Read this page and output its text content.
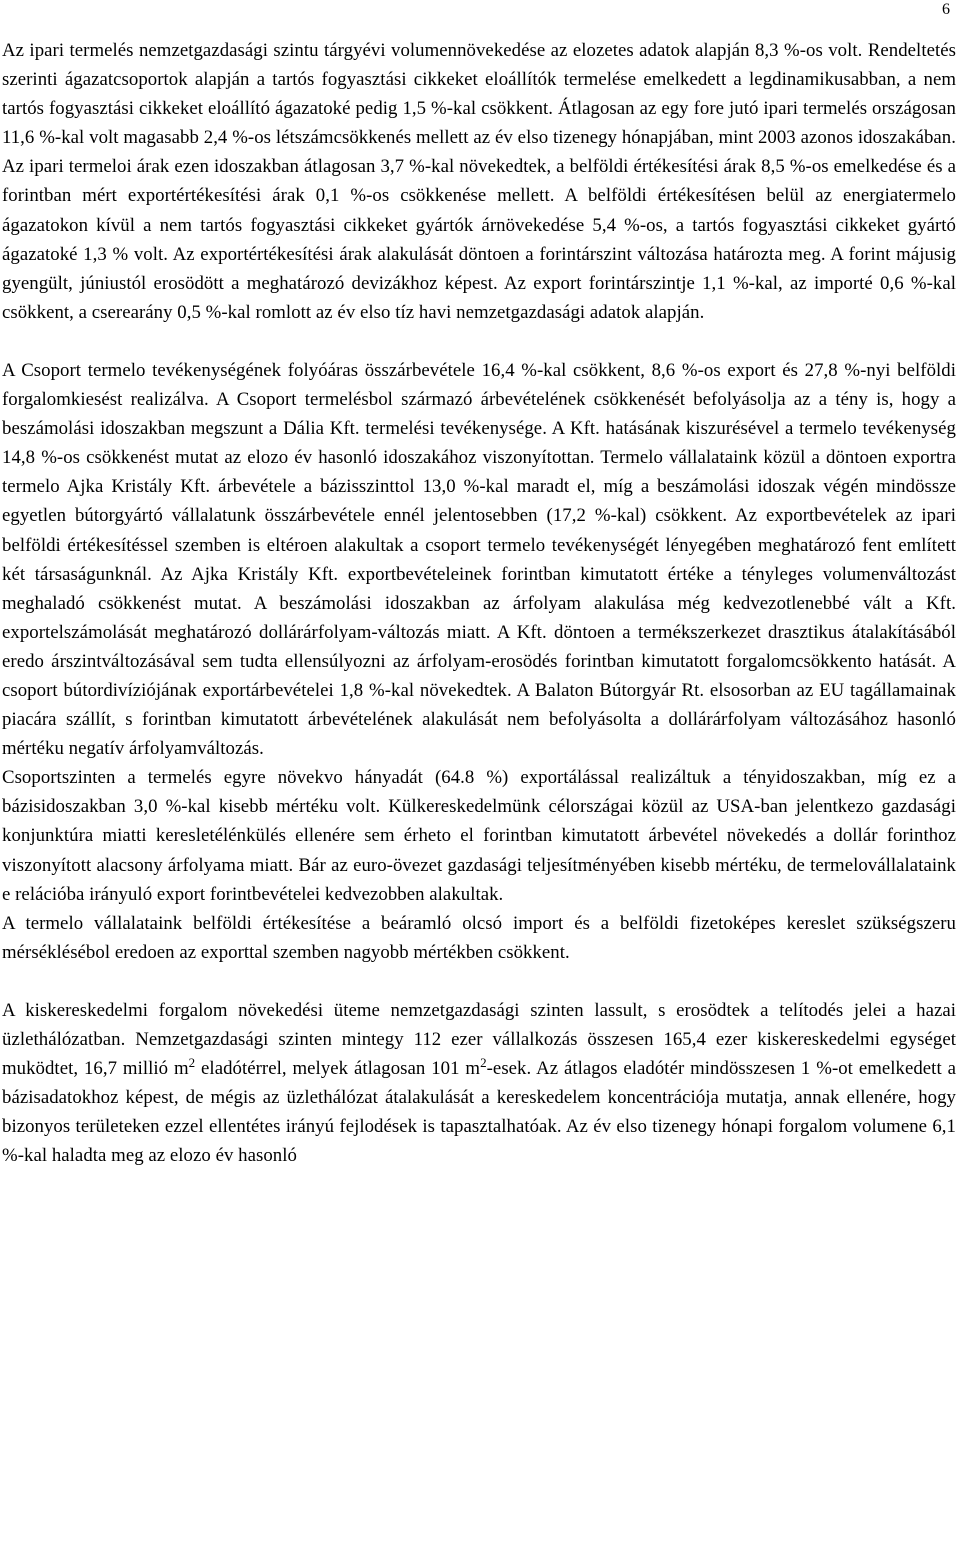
6

Az ipari termelés nemzetgazdasági szintu tárgyévi volumennövekedése az elozetes adatok alapján 8,3 %-os volt. Rendeltetés szerinti ágazatcsoportok alapján a tartós fogyasztási cikkeket eloállítók termelése emelkedett a legdinamikusabban, a nem tartós fogyasztási cikkeket eloállító ágazatoké pedig 1,5 %-kal csökkent. Átlagosan az egy fore jutó ipari termelés országosan 11,6 %-kal volt magasabb 2,4 %-os létszámcsökkenés mellett az év elso tizenegy hónapjában, mint 2003 azonos idoszakában. Az ipari termeloi árak ezen idoszakban átlagosan 3,7 %-kal növekedtek, a belföldi értékesítési árak 8,5 %-os emelkedése és a forintban mért exportértékesítési árak 0,1 %-os csökkenése mellett. A belföldi értékesítésen belül az energiatermelo ágazatokon kívül a nem tartós fogyasztási cikkeket gyártók árnövekedése 5,4 %-os, a tartós fogyasztási cikkeket gyártó ágazatoké 1,3 % volt. Az exportértékesítési árak alakulását döntoen a forintárszint változása határozta meg. A forint májusig gyengült, júniustól erosödött a meghatározó devizákhoz képest. Az export forintárszintje 1,1 %-kal, az importé 0,6 %-kal csökkent, a cserearány 0,5 %-kal romlott az év elso tíz havi nemzetgazdasági adatok alapján.

A Csoport termelo tevékenységének folyóáras összárbevétele 16,4 %-kal csökkent, 8,6 %-os export és 27,8 %-nyi belföldi forgalomkiesést realizálva. A Csoport termelésbol származó árbevételének csökkenését befolyásolja az a tény is, hogy a beszámolási idoszakban megszunt a Dália Kft. termelési tevékenysége. A Kft. hatásának kiszurésével a termelo tevékenység 14,8 %-os csökkenést mutat az elozo év hasonló idoszakához viszonyítottan. Termelo vállalataink közül a döntoen exportra termelo Ajka Kristály Kft. árbevétele a bázisszinttol 13,0 %-kal maradt el, míg a beszámolási idoszak végén mindössze egyetlen bútorgyártó vállalatunk összárbevétele ennél jelentosebben (17,2 %-kal) csökkent. Az exportbevételek az ipari belföldi értékesítéssel szemben is eltéroen alakultak a csoport termelo tevékenységét lényegében meghatározó fent említett két társaságunknál. Az Ajka Kristály Kft. exportbevételeinek forintban kimutatott értéke a tényleges volumenváltozást meghaladó csökkenést mutat. A beszámolási idoszakban az árfolyam alakulása még kedvezotlenebbé vált a Kft. exportelszámolását meghatározó dollárárfolyam-változás miatt. A Kft. döntoen a termékszerkezet drasztikus átalakításából eredo árszintváltozásával sem tudta ellensúlyozni az árfolyam-erosödés forintban kimutatott forgalomcsökkento hatását. A csoport bútordivíziójának exportárbevételei 1,8 %-kal növekedtek. A Balaton Bútorgyár Rt. elsosorban az EU tagállamainak piacára szállít, s forintban kimutatott árbevételének alakulását nem befolyásolta a dollárárfolyam változásához hasonló mértéku negatív árfolyamváltozás.

Csoportszinten a termelés egyre növekvo hányadát (64.8 %) exportálással realizáltuk a tényidoszakban, míg ez a bázisidoszakban 3,0 %-kal kisebb mértéku volt. Külkereskedelmünk célországai közül az USA-ban jelentkezo gazdasági konjunktúra miatti keresletélénkülés ellenére sem érheto el forintban kimutatott árbevétel növekedés a dollár forinthoz viszonyított alacsony árfolyama miatt. Bár az euro-övezet gazdasági teljesítményében kisebb mértéku, de termelovállalataink e relációba irányuló export forintbevételei kedvezobben alakultak.

A termelo vállalataink belföldi értékesítése a beáramló olcsó import és a belföldi fizetoképes kereslet szükségszeru mérséklésébol eredoen az exporttal szemben nagyobb mértékben csökkent.

A kiskereskedelmi forgalom növekedési üteme nemzetgazdasági szinten lassult, s erosödtek a telítodés jelei a hazai üzlethálózatban. Nemzetgazdasági szinten mintegy 112 ezer vállalkozás összesen 165,4 ezer kiskereskedelmi egységet muködtet, 16,7 millió $m^2$ eladótérrel, melyek átlagosan 101 $m^2$-esek. Az átlagos eladótér mindösszesen 1 %-ot emelkedett a bázisadatokhoz képest, de mégis az üzlethálózat átalakulását a kereskedelem koncentrációja mutatja, annak ellenére, hogy bizonyos területeken ezzel ellentétes irányú fejlodések is tapasztalhatóak. Az év elso tizenegy hónapi forgalom volumene 6,1 %-kal haladta meg az elozo év hasonló
